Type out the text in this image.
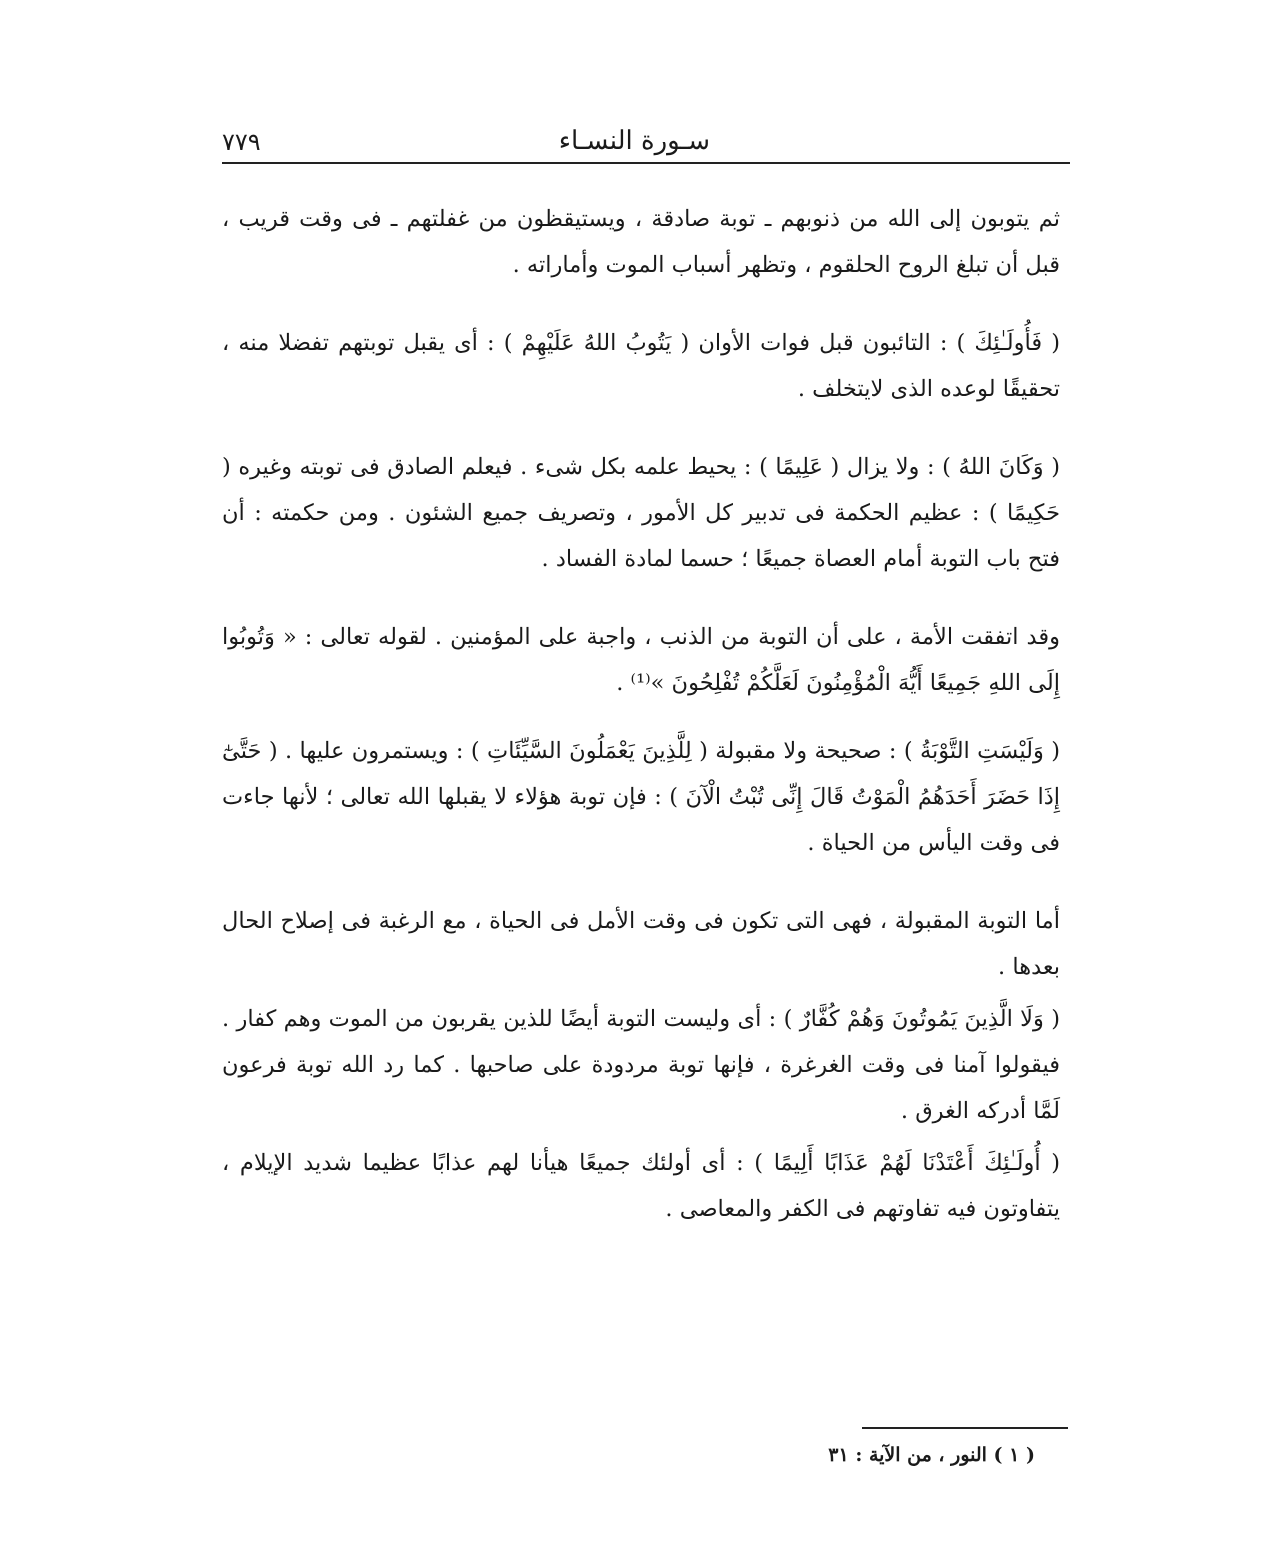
سـورة النسـاء
٧٧٩

ثم يتوبون إلى الله من ذنوبهم ـ توبة صادقة ، ويستيقظون من غفلتهم ـ فى وقت قريب ، قبل أن تبلغ الروح الحلقوم ، وتظهر أسباب الموت وأماراته .

( فَأُولَـٰئِكَ ) : التائبون قبل فوات الأوان ( يَتُوبُ اللهُ عَلَيْهِمْ ) : أى يقبل توبتهم تفضلا منه ، تحقيقًا لوعده الذى لايتخلف .

( وَكَانَ اللهُ ) : ولا يزال ( عَلِيمًا ) : يحيط علمه بكل شىء . فيعلم الصادق فى توبته وغيره ( حَكِيمًا ) : عظيم الحكمة فى تدبير كل الأمور ، وتصريف جميع الشئون . ومن حكمته : أن فتح باب التوبة أمام العصاة جميعًا ؛ حسما لمادة الفساد .

وقد اتفقت الأمة ، على أن التوبة من الذنب ، واجبة على المؤمنين . لقوله تعالى : « وَتُوبُوا إِلَى اللهِ جَمِيعًا أَيُّهَ الْمُؤْمِنُونَ لَعَلَّكُمْ تُفْلِحُونَ »⁽¹⁾ .

( وَلَيْسَتِ التَّوْبَةُ ) : صحيحة ولا مقبولة ( لِلَّذِينَ يَعْمَلُونَ السَّيِّئَاتِ ) : ويستمرون عليها . ( حَتَّىٰٓ إِذَا حَضَرَ أَحَدَهُمُ الْمَوْتُ قَالَ إِنِّى تُبْتُ الْآنَ ) : فإن توبة هؤلاء لا يقبلها الله تعالى ؛ لأنها جاءت فى وقت اليأس من الحياة .

أما التوبة المقبولة ، فهى التى تكون فى وقت الأمل فى الحياة ، مع الرغبة فى إصلاح الحال بعدها .

( وَلَا الَّذِينَ يَمُوتُونَ وَهُمْ كُفَّارٌ ) : أى وليست التوبة أيضًا للذين يقربون من الموت وهم كفار . فيقولوا آمنا فى وقت الغرغرة ، فإنها توبة مردودة على صاحبها . كما رد الله توبة فرعون لَمَّا أدركه الغرق .

( أُولَـٰئِكَ أَعْتَدْنَا لَهُمْ عَذَابًا أَلِيمًا ) : أى أولئك جميعًا هيأنا لهم عذابًا عظيما شديد الإيلام ، يتفاوتون فيه تفاوتهم فى الكفر والمعاصى .

( ١ ) النور ، من الآية : ٣١
